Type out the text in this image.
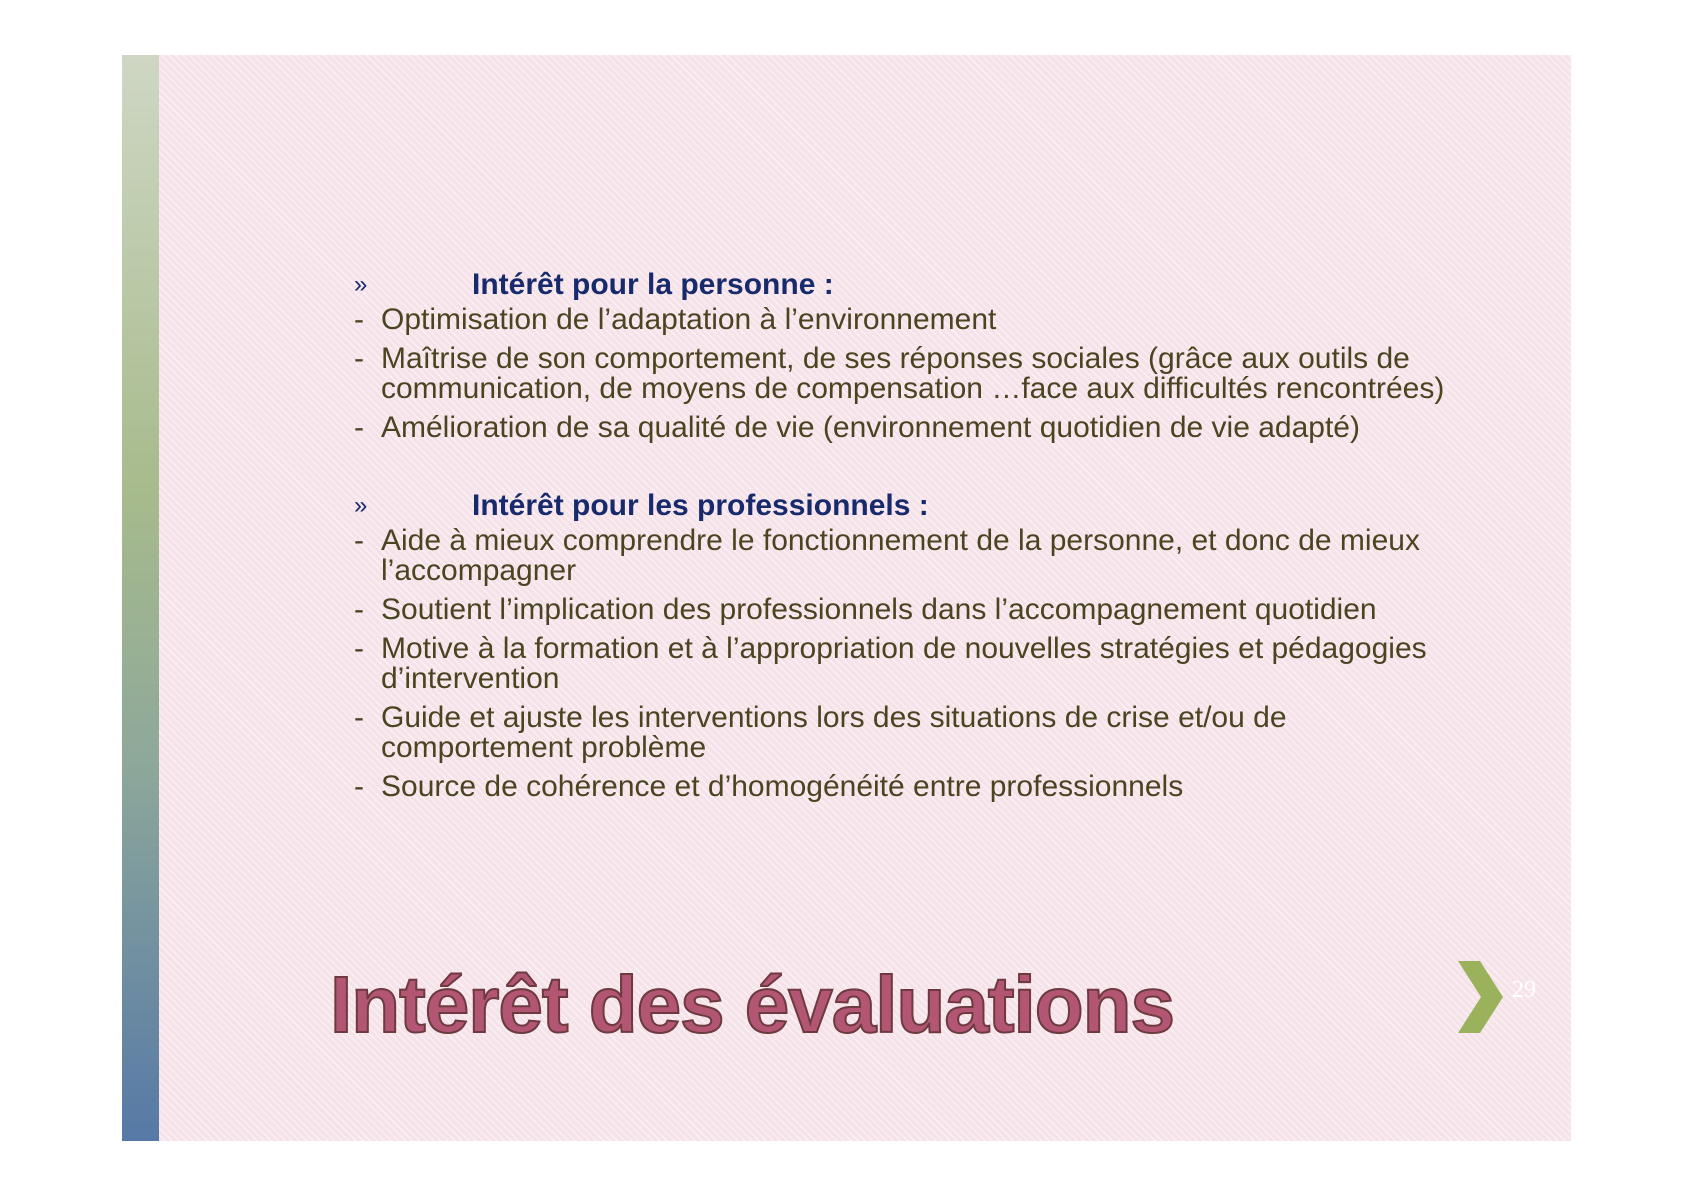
»	Intérêt pour la personne :
- Optimisation de l’adaptation à l’environnement
- Maîtrise de son comportement, de ses réponses sociales (grâce aux outils de communication, de moyens de compensation …face aux difficultés rencontrées)
- Amélioration de sa qualité de vie (environnement quotidien de vie adapté)
»	Intérêt pour les professionnels :
- Aide à mieux comprendre le fonctionnement de la personne, et donc de mieux l’accompagner
- Soutient l’implication des professionnels dans l’accompagnement quotidien
- Motive à la formation et à l’appropriation de nouvelles stratégies et pédagogies d’intervention
- Guide et ajuste les interventions lors des situations de crise et/ou de comportement problème
- Source de cohérence et d’homogénéité entre professionnels
Intérêt des évaluations	29
